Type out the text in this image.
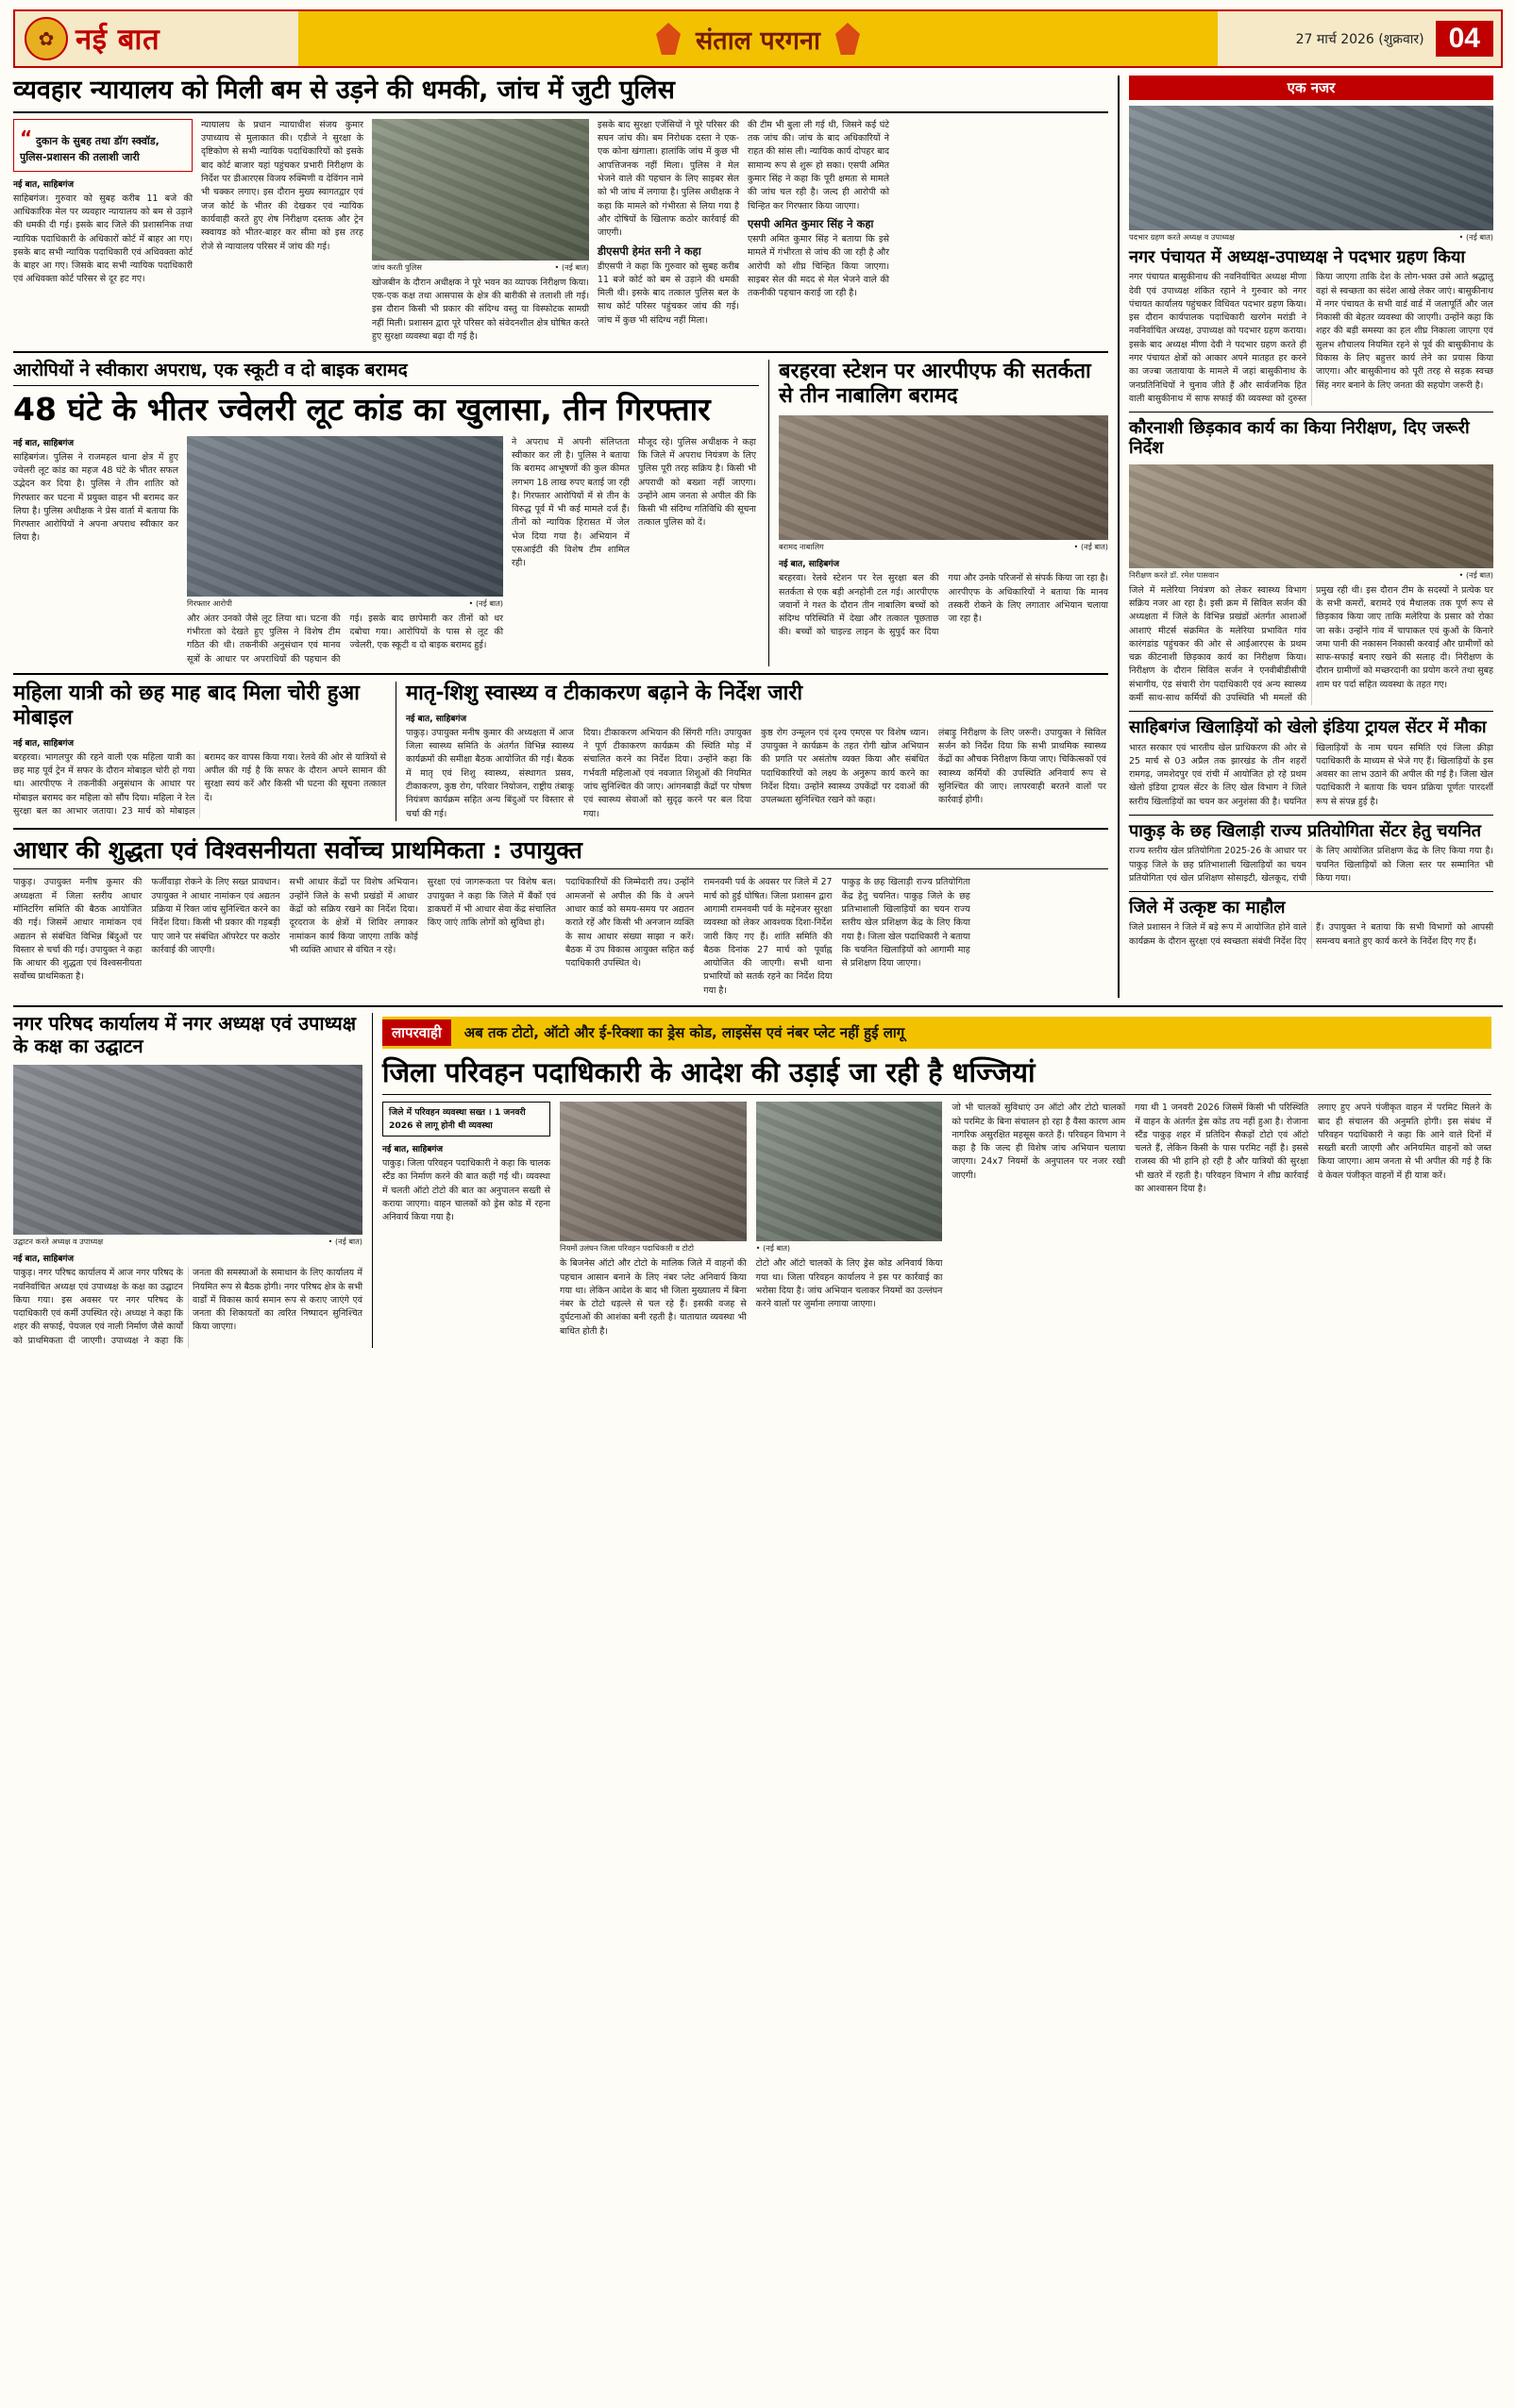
✿ नई बात	संताल परगना	27 मार्च 2026 (शुक्रवार) 04
व्यवहार न्यायालय को मिली बम से उड़ने की धमकी, जांच में जुटी पुलिस
“ दुकान के सुबह तथा डॉग स्क्वॉड, पुलिस-प्रशासन की तलाशी जारी
नई बात, साहिबगंज
साहिबगंज। गुरुवार को सुबह करीब 11 बजे की आधिकारिक मेल पर व्यवहार न्यायालय को बम से उड़ाने की धमकी दी गई। इसके बाद जिले की प्रशासनिक तथा न्यायिक पदाधिकारी के अधिकारों कोर्ट में बाहर आ गए। इसके बाद सभी न्यायिक पदाधिकारी एवं अधिवक्ता कोर्ट के बाहर आ गए। जिसके बाद सभी न्यायिक पदाधिकारी एवं अधिवक्ता कोर्ट परिसर से दूर हट गए।
न्यायालय के प्रधान न्यायाधीश संजय कुमार उपाध्याय से मुलाकात की। एडीजे ने सुरक्षा के दृष्टिकोण से सभी न्यायिक पदाधिकारियों को इसके बाद कोर्ट बाजार यहां पहुंचकर प्रभारी निरीक्षण के निर्देश पर डीआरएस विजय रुक्मिणी व देविंगन नामे भी चक्कर लगाए। इस दौरान मुख्य स्वागतद्वार एवं जज कोर्ट के भीतर की देखकर एवं न्यायिक कार्यवाही करते हुए शेष निरीक्षण दस्तक और ट्रेन स्क्वायड को भीतर-बाहर कर सीमा को इस तरह रोजे से न्यायालय परिसर में जांच की गई।
जांच करती पुलिस	• (नई बात)
खोजबीन के दौरान अधीक्षक ने पूरे भवन का व्यापक निरीक्षण किया। एक-एक कक्ष तथा आसपास के क्षेत्र की बारीकी से तलाशी ली गई। इस दौरान किसी भी प्रकार की संदिग्ध वस्तु या विस्फोटक सामग्री नहीं मिली। प्रशासन द्वारा पूरे परिसर को संवेदनशील क्षेत्र घोषित करते हुए सुरक्षा व्यवस्था बढ़ा दी गई है।
इसके बाद सुरक्षा एजेंसियों ने पूरे परिसर की सघन जांच की। बम निरोधक दस्ता ने एक-एक कोना खंगाला। हालांकि जांच में कुछ भी आपत्तिजनक नहीं मिला। पुलिस ने मेल भेजने वाले की पहचान के लिए साइबर सेल को भी जांच में लगाया है। पुलिस अधीक्षक ने कहा कि मामले को गंभीरता से लिया गया है और दोषियों के खिलाफ कठोर कार्रवाई की जाएगी।
डीएसपी हेमंत सनी ने कहा
डीएसपी ने कहा कि गुरुवार को सुबह करीब 11 बजे कोर्ट को बम से उड़ाने की धमकी मिली थी। इसके बाद तत्काल पुलिस बल के साथ कोर्ट परिसर पहुंचकर जांच की गई। जांच में कुछ भी संदिग्ध नहीं मिला।
की टीम भी बुला ली गई थी, जिसने कई घंटे तक जांच की। जांच के बाद अधिकारियों ने राहत की सांस ली। न्यायिक कार्य दोपहर बाद सामान्य रूप से शुरू हो सका। एसपी अमित कुमार सिंह ने कहा कि पूरी क्षमता से मामले की जांच चल रही है। जल्द ही आरोपी को चिन्हित कर गिरफ्तार किया जाएगा।
एसपी अमित कुमार सिंह ने कहा
एसपी अमित कुमार सिंह ने बताया कि इसे मामले में गंभीरता से जांच की जा रही है और आरोपी को शीघ्र चिन्हित किया जाएगा। साइबर सेल की मदद से मेल भेजने वाले की तकनीकी पहचान कराई जा रही है।
आरोपियों ने स्वीकारा अपराध, एक स्कूटी व दो बाइक बरामद
48 घंटे के भीतर ज्वेलरी लूट कांड का खुलासा, तीन गिरफ्तार
नई बात, साहिबगंज
साहिबगंज। पुलिस ने राजमहल थाना क्षेत्र में हुए ज्वेलरी लूट कांड का महज 48 घंटे के भीतर सफल उद्भेदन कर दिया है। पुलिस ने तीन शातिर को गिरफ्तार कर घटना में प्रयुक्त वाहन भी बरामद कर लिया है। पुलिस अधीक्षक ने प्रेस वार्ता में बताया कि गिरफ्तार आरोपियों ने अपना अपराध स्वीकार कर लिया है।
गिरफ्तार आरोपी	• (नई बात)
और अंतर उनको जैसे लूट लिया था। घटना की गंभीरता को देखते हुए पुलिस ने विशेष टीम गठित की थी। तकनीकी अनुसंधान एवं मानव सूत्रों के आधार पर अपराधियों की पहचान की गई। इसके बाद छापेमारी कर तीनों को धर दबोचा गया। आरोपियों के पास से लूट की ज्वेलरी, एक स्कूटी व दो बाइक बरामद हुई।
ने अपराध में अपनी संलिप्तता स्वीकार कर ली है। पुलिस ने बताया कि बरामद आभूषणों की कुल कीमत लगभग 18 लाख रुपए बताई जा रही है। गिरफ्तार आरोपियों में से तीन के विरुद्ध पूर्व में भी कई मामले दर्ज हैं। तीनों को न्यायिक हिरासत में जेल भेज दिया गया है। अभियान में एसआईटी की विशेष टीम शामिल रही।
मौजूद रहे। पुलिस अधीक्षक ने कहा कि जिले में अपराध नियंत्रण के लिए पुलिस पूरी तरह सक्रिय है। किसी भी अपराधी को बख्शा नहीं जाएगा। उन्होंने आम जनता से अपील की कि किसी भी संदिग्ध गतिविधि की सूचना तत्काल पुलिस को दें।
बरहरवा स्टेशन पर आरपीएफ की सतर्कता से तीन नाबालिग बरामद
बरामद नाबालिग	• (नई बात)
नई बात, साहिबगंज
बरहरवा। रेलवे स्टेशन पर रेल सुरक्षा बल की सतर्कता से एक बड़ी अनहोनी टल गई। आरपीएफ जवानों ने गश्त के दौरान तीन नाबालिग बच्चों को संदिग्ध परिस्थिति में देखा और तत्काल पूछताछ की। बच्चों को चाइल्ड लाइन के सुपुर्द कर दिया गया और उनके परिजनों से संपर्क किया जा रहा है। आरपीएफ के अधिकारियों ने बताया कि मानव तस्करी रोकने के लिए लगातार अभियान चलाया जा रहा है।
महिला यात्री को छह माह बाद मिला चोरी हुआ मोबाइल
नई बात, साहिबगंज
बरहरवा। भागलपुर की रहने वाली एक महिला यात्री का छह माह पूर्व ट्रेन में सफर के दौरान मोबाइल चोरी हो गया था। आरपीएफ ने तकनीकी अनुसंधान के आधार पर मोबाइल बरामद कर महिला को सौंप दिया। महिला ने रेल सुरक्षा बल का आभार जताया। 23 मार्च को मोबाइल बरामद कर वापस किया गया। रेलवे की ओर से यात्रियों से अपील की गई है कि सफर के दौरान अपने सामान की सुरक्षा स्वयं करें और किसी भी घटना की सूचना तत्काल दें।
मातृ-शिशु स्वास्थ्य व टीकाकरण बढ़ाने के निर्देश जारी
नई बात, साहिबगंज
पाकुड़। उपायुक्त मनीष कुमार की अध्यक्षता में आज जिला स्वास्थ्य समिति के अंतर्गत विभिन्न स्वास्थ्य कार्यक्रमों की समीक्षा बैठक आयोजित की गई। बैठक में मातृ एवं शिशु स्वास्थ्य, संस्थागत प्रसव, टीकाकरण, कुष्ठ रोग, परिवार नियोजन, राष्ट्रीय तंबाकू नियंत्रण कार्यक्रम सहित अन्य बिंदुओं पर विस्तार से चर्चा की गई।
दिया। टीकाकरण अभियान की सिंगरी गति। उपायुक्त ने पूर्ण टीकाकरण कार्यक्रम की स्थिति मोड़ में संचालित करने का निर्देश दिया। उन्होंने कहा कि गर्भवती महिलाओं एवं नवजात शिशुओं की नियमित जांच सुनिश्चित की जाए। आंगनबाड़ी केंद्रों पर पोषण एवं स्वास्थ्य सेवाओं को सुदृढ़ करने पर बल दिया गया।
कुष्ठ रोग उन्मूलन एवं दृश्य एमएस पर विशेष ध्यान। उपायुक्त ने कार्यक्रम के तहत रोगी खोज अभियान की प्रगति पर असंतोष व्यक्त किया और संबंधित पदाधिकारियों को लक्ष्य के अनुरूप कार्य करने का निर्देश दिया। उन्होंने स्वास्थ्य उपकेंद्रों पर दवाओं की उपलब्धता सुनिश्चित रखने को कहा।
लंबाड़ु निरीक्षण के लिए जरूरी। उपायुक्त ने सिविल सर्जन को निर्देश दिया कि सभी प्राथमिक स्वास्थ्य केंद्रों का औचक निरीक्षण किया जाए। चिकित्सकों एवं स्वास्थ्य कर्मियों की उपस्थिति अनिवार्य रूप से सुनिश्चित की जाए। लापरवाही बरतने वालों पर कार्रवाई होगी।
आधार की शुद्धता एवं विश्वसनीयता सर्वोच्च प्राथमिकता : उपायुक्त
पाकुड़। उपायुक्त मनीष कुमार की अध्यक्षता में जिला स्तरीय आधार मॉनिटरिंग समिति की बैठक आयोजित की गई। जिसमें आधार नामांकन एवं अद्यतन से संबंधित विभिन्न बिंदुओं पर विस्तार से चर्चा की गई। उपायुक्त ने कहा कि आधार की शुद्धता एवं विश्वसनीयता सर्वोच्च प्राथमिकता है।
फर्जीवाड़ा रोकने के लिए सख्त प्रावधान। उपायुक्त ने आधार नामांकन एवं अद्यतन प्रक्रिया में रिक्त जांच सुनिश्चित करने का निर्देश दिया। किसी भी प्रकार की गड़बड़ी पाए जाने पर संबंधित ऑपरेटर पर कठोर कार्रवाई की जाएगी।
सभी आधार केंद्रों पर विशेष अभियान। उन्होंने जिले के सभी प्रखंडों में आधार केंद्रों को सक्रिय रखने का निर्देश दिया। दूरदराज के क्षेत्रों में शिविर लगाकर नामांकन कार्य किया जाएगा ताकि कोई भी व्यक्ति आधार से वंचित न रहे।
सुरक्षा एवं जागरूकता पर विशेष बल। उपायुक्त ने कहा कि जिले में बैंकों एवं डाकघरों में भी आधार सेवा केंद्र संचालित किए जाएं ताकि लोगों को सुविधा हो।
पदाधिकारियों की जिम्मेदारी तय। उन्होंने आमजनों से अपील की कि वे अपने आधार कार्ड को समय-समय पर अद्यतन कराते रहें और किसी भी अनजान व्यक्ति के साथ आधार संख्या साझा न करें। बैठक में उप विकास आयुक्त सहित कई पदाधिकारी उपस्थित थे।
रामनवमी पर्व के अवसर पर जिले में 27 मार्च को हुई घोषित। जिला प्रशासन द्वारा आगामी रामनवमी पर्व के मद्देनजर सुरक्षा व्यवस्था को लेकर आवश्यक दिशा-निर्देश जारी किए गए हैं। शांति समिति की बैठक दिनांक 27 मार्च को पूर्वाह्न आयोजित की जाएगी। सभी थाना प्रभारियों को सतर्क रहने का निर्देश दिया गया है।
पाकुड़ के छह खिलाड़ी राज्य प्रतियोगिता केंद्र हेतु चयनित। पाकुड़ जिले के छह प्रतिभाशाली खिलाड़ियों का चयन राज्य स्तरीय खेल प्रशिक्षण केंद्र के लिए किया गया है। जिला खेल पदाधिकारी ने बताया कि चयनित खिलाड़ियों को आगामी माह से प्रशिक्षण दिया जाएगा।
एक नजर
पदभार ग्रहण करते अध्यक्ष व उपाध्यक्ष	• (नई बात)
नगर पंचायत में अध्यक्ष-उपाध्यक्ष ने पदभार ग्रहण किया
नगर पंचायत बासुकीनाथ की नवनिर्वाचित अध्यक्ष मीणा देवी एवं उपाध्यक्ष शंकित रहाने ने गुरुवार को नगर पंचायत कार्यालय पहुंचकर विधिवत पदभार ग्रहण किया। इस दौरान कार्यपालक पदाधिकारी खरगेन मरांडी ने नवनिर्वाचित अध्यक्ष, उपाध्यक्ष को पदभार ग्रहण कराया। इसके बाद अध्यक्ष मीणा देवी ने पदभार ग्रहण करते ही नगर पंचायत क्षेत्रों को आकार अपने मातहत हर करने का जज्बा जतायाया के मामले में जहां बासुकीनाथ के जनप्रतिनिधियों ने चुनाव जीते हैं और सार्वजनिक हित वाली बासुकीनाथ में साफ सफाई की व्यवस्था को दुरुस्त किया जाएगा ताकि देश के लोग-भक्त उसे आते श्रद्धालु वहां से स्वच्छता का संदेश आखे लेकर जाएं। बासुकीनाथ में नगर पंचायत के सभी वार्ड वार्ड में जलापूर्ति और जल निकासी की बेहतर व्यवस्था की जाएगी। उन्होंने कहा कि शहर की बड़ी समस्या का हल शीघ्र निकाला जाएगा एवं सुलभ शौचालय नियमित रहने से पूर्व की बासुकीनाथ के विकास के लिए बहुत्तर कार्य लेने का प्रयास किया जाएगा। और बासुकीनाथ को पूरी तरह से सड़क स्वच्छ सिंह नगर बनाने के लिए जनता की सहयोग जरूरी है।
कौरनाशी छिड़काव कार्य का किया निरीक्षण, दिए जरूरी निर्देश
निरीक्षण करते डॉ. रमेश पासवान	• (नई बात)
जिले में मलेरिया नियंत्रण को लेकर स्वास्थ्य विभाग सक्रिय नजर आ रहा है। इसी क्रम में सिविल सर्जन की अध्यक्षता में जिले के विभिन्न प्रखंडों अंतर्गत आशाओं आशाएं मीटर्स संक्रमित के मलेरिया प्रभावित गांव कारंगडांड पहुंचकर की ओर से आईआरएस के प्रथम चक्र कीटनाशी छिड़काव कार्य का निरीक्षण किया। निरीक्षण के दौरान सिविल सर्जन ने एनवीबीडीसीपी संभागीय, एंड संचारी रोग पदाधिकारी एवं अन्य स्वास्थ्य कर्मी साथ-साथ कर्मियों की उपस्थिति भी ममलों की प्रमुख रही थी। इस दौरान टीम के सदस्यों ने प्रत्येक घर के सभी कमरों, बरामदे एवं मैथालक तक पूर्ण रूप से छिड़काव किया जाए ताकि मलेरिया के प्रसार को रोका जा सके। उन्होंने गांव में चापाकल एवं कुओं के किनारे जमा पानी की नकासन निकासी करवाई और ग्रामीणों को साफ-सफाई बनाए रखने की सलाह दी। निरीक्षण के दौरान ग्रामीणों को मच्छरदानी का प्रयोग करने तथा सुबह शाम घर पर्दा सहित व्यवस्था के तहत गए।
साहिबगंज खिलाड़ियों को खेलो इंडिया ट्रायल सेंटर में मौका
भारत सरकार एवं भारतीय खेल प्राधिकरण की ओर से 25 मार्च से 03 अप्रैल तक झारखंड के तीन शहरों रामगढ़, जमशेदपुर एवं रांची में आयोजित हो रहे प्रथम खेलो इंडिया ट्रायल सेंटर के लिए खेल विभाग ने जिले स्तरीय खिलाड़ियों का चयन कर अनुशंसा की है। चयनित खिलाड़ियों के नाम चयन समिति एवं जिला क्रीड़ा पदाधिकारी के माध्यम से भेजे गए हैं। खिलाड़ियों के इस अवसर का लाभ उठाने की अपील की गई है। जिला खेल पदाधिकारी ने बताया कि चयन प्रक्रिया पूर्णतः पारदर्शी रूप से संपन्न हुई है।
पाकुड़ के छह खिलाड़ी राज्य प्रतियोगिता सेंटर हेतु चयनित
राज्य स्तरीय खेल प्रतियोगिता 2025-26 के आधार पर पाकुड़ जिले के छह प्रतिभाशाली खिलाड़ियों का चयन प्रतियोगिता एवं खेल प्रशिक्षण सोसाइटी, खेलकूद, रांची के लिए आयोजित प्रशिक्षण केंद्र के लिए किया गया है। चयनित खिलाड़ियों को जिला स्तर पर सम्मानित भी किया गया।
जिले में उत्कृष्ट का माहौल
जिले प्रशासन ने जिले में बड़े रूप में आयोजित होने वाले कार्यक्रम के दौरान सुरक्षा एवं स्वच्छता संबंधी निर्देश दिए हैं। उपायुक्त ने बताया कि सभी विभागों को आपसी समन्वय बनाते हुए कार्य करने के निर्देश दिए गए हैं।
नगर परिषद कार्यालय में नगर अध्यक्ष एवं उपाध्यक्ष के कक्ष का उद्घाटन
उद्घाटन करते अध्यक्ष व उपाध्यक्ष	• (नई बात)
नई बात, साहिबगंज
पाकुड़। नगर परिषद कार्यालय में आज नगर परिषद के नवनिर्वाचित अध्यक्ष एवं उपाध्यक्ष के कक्ष का उद्घाटन किया गया। इस अवसर पर नगर परिषद के पदाधिकारी एवं कर्मी उपस्थित रहे। अध्यक्ष ने कहा कि शहर की सफाई, पेयजल एवं नाली निर्माण जैसे कार्यों को प्राथमिकता दी जाएगी। उपाध्यक्ष ने कहा कि जनता की समस्याओं के समाधान के लिए कार्यालय में नियमित रूप से बैठक होगी। नगर परिषद क्षेत्र के सभी वार्डों में विकास कार्य समान रूप से कराए जाएंगे एवं जनता की शिकायतों का त्वरित निष्पादन सुनिश्चित किया जाएगा।
लापरवाही	अब तक टोटो, ऑटो और ई-रिक्शा का ड्रेस कोड, लाइसेंस एवं नंबर प्लेट नहीं हुई लागू
जिला परिवहन पदाधिकारी के आदेश की उड़ाई जा रही है धज्जियां
जिले में परिवहन व्यवस्था सख्त । 1 जनवरी 2026 से लागू होनी थी व्यवस्था
नई बात, साहिबगंज
पाकुड़। जिला परिवहन पदाधिकारी ने कहा कि चालक स्टैंड का निर्माण करने की बात कही गई थी। व्यवस्था में चलती ऑटो टोटो की बात का अनुपालन सख्ती से कराया जाएगा। वाहन चालकों को ड्रेस कोड में रहना अनिवार्य किया गया है।
नियमों उलंघन जिला परिवहन पदाधिकारी व टोटो
के बिजनेस ऑटो और टोटो के मालिक जिले में वाहनों की पहचान आसान बनाने के लिए नंबर प्लेट अनिवार्य किया गया था। लेकिन आदेश के बाद भी जिला मुख्यालय में बिना नंबर के टोटो धड़ल्ले से चल रहे हैं। इसकी वजह से दुर्घटनाओं की आशंका बनी रहती है। यातायात व्यवस्था भी बाधित होती है।
• (नई बात)
टोटो और ऑटो चालकों के लिए ड्रेस कोड अनिवार्य किया गया था। जिला परिवहन कार्यालय ने इस पर कार्रवाई का भरोसा दिया है। जांच अभियान चलाकर नियमों का उल्लंघन करने वालों पर जुर्माना लगाया जाएगा।
जो भी चालकों सुविधाएं उन ऑटो और टोटो चालकों को परमिट के बिना संचालन हो रहा है वैसा कारण आम नागरिक असुरक्षित महसूस करते हैं। परिवहन विभाग ने कहा है कि जल्द ही विशेष जांच अभियान चलाया जाएगा। 24x7 नियमों के अनुपालन पर नजर रखी जाएगी।
गया थी 1 जनवरी 2026 जिसमें किसी भी परिस्थिति में वाहन के अंतर्गत ड्रेस कोड तय नहीं हुआ है। रोजाना स्टैंड पाकुड़ शहर में प्रतिदिन सैकड़ों टोटो एवं ऑटो चलते हैं, लेकिन किसी के पास परमिट नहीं है। इससे राजस्व की भी हानि हो रही है और यात्रियों की सुरक्षा भी खतरे में रहती है। परिवहन विभाग ने शीघ्र कार्रवाई का आश्वासन दिया है।
लगाए हुए अपने पंजीकृत वाहन में परमिट मिलने के बाद ही संचालन की अनुमति होगी। इस संबंध में परिवहन पदाधिकारी ने कहा कि आने वाले दिनों में सख्ती बरती जाएगी और अनियमित वाहनों को जब्त किया जाएगा। आम जनता से भी अपील की गई है कि वे केवल पंजीकृत वाहनों में ही यात्रा करें।
